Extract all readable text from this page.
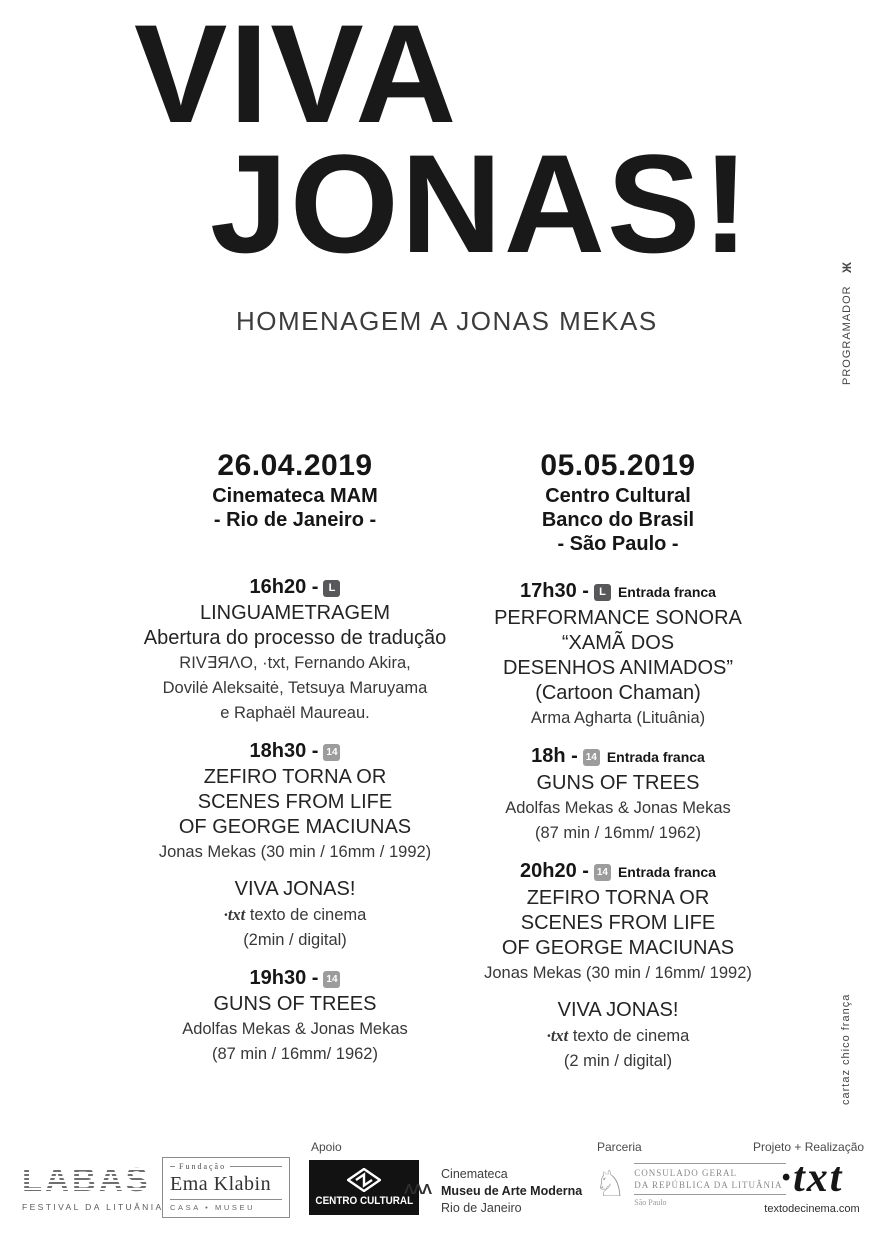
VIVA
JONAS!
HOMENAGEM A JONAS MEKAS	PROGRAMADOR Ж
cartaz chico frança
26.04.2019
Cinemateca MAM
- Rio de Janeiro -
16h20 - L
LINGUAMETRAGEM
Abertura do processo de tradução
RIV∃ЯΛO, ·txt, Fernando Akira,
Dovilė Aleksaitė, Tetsuya Maruyama
e Raphaël Maureau.
18h30 - 14
ZEFIRO TORNA OR
SCENES FROM LIFE
OF GEORGE MACIUNAS
Jonas Mekas (30 min / 16mm / 1992)
VIVA JONAS!
·txt texto de cinema
(2min / digital)
19h30 - 14
GUNS OF TREES
Adolfas Mekas & Jonas Mekas
(87 min / 16mm/ 1962)
05.05.2019
Centro Cultural
Banco do Brasil
- São Paulo -
17h30 - L Entrada franca
PERFORMANCE SONORA
“XAMÃ DOS
DESENHOS ANIMADOS”
(Cartoon Chaman)
Arma Agharta (Lituânia)
18h - 14 Entrada franca
GUNS OF TREES
Adolfas Mekas & Jonas Mekas
(87 min / 16mm/ 1962)
20h20 - 14 Entrada franca
ZEFIRO TORNA OR
SCENES FROM LIFE
OF GEORGE MACIUNAS
Jonas Mekas (30 min / 16mm/ 1992)
VIVA JONAS!
·txt texto de cinema
(2 min / digital)
LABAS
FESTIVAL DA LITUÂNIA
Fundação
Ema Klabin
CASA • MUSEU
Apoio
CENTRO CULTURAL
ΛΛΛ
Cinemateca
Museu de Arte Moderna
Rio de Janeiro
Parceria
♘ CONSULADO GERAL
DA REPÚBLICA DA LITUÂNIA
São Paulo
Projeto + Realização
·txt
textodecinema.com
